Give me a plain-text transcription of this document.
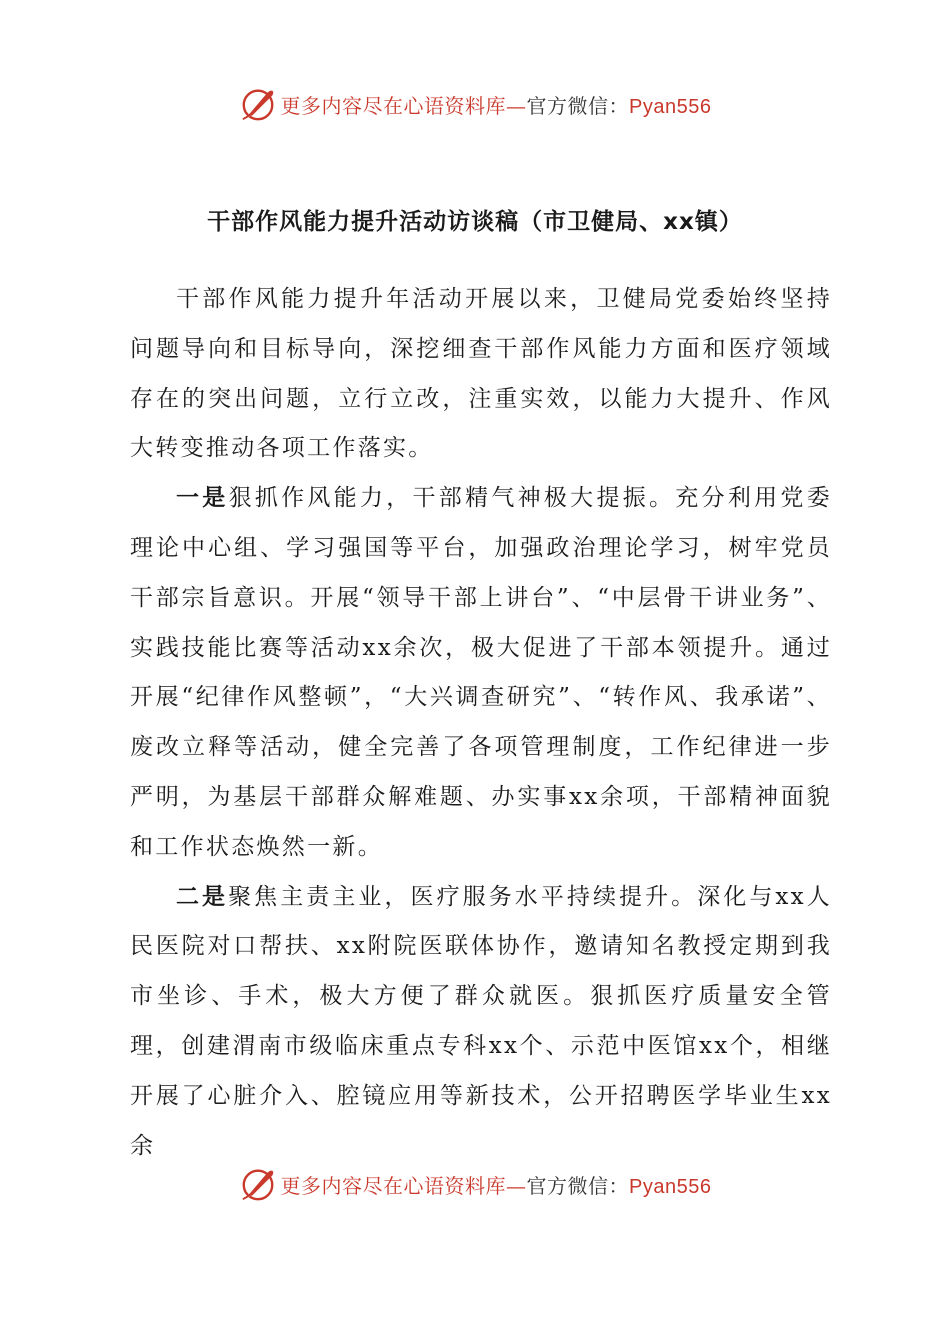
更多内容尽在心语资料库—官方微信：Pyan556
干部作风能力提升活动访谈稿（市卫健局、xx镇）

干部作风能力提升年活动开展以来，卫健局党委始终坚持问题导向和目标导向，深挖细查干部作风能力方面和医疗领域存在的突出问题，立行立改，注重实效，以能力大提升、作风大转变推动各项工作落实。

一是狠抓作风能力，干部精气神极大提振。充分利用党委理论中心组、学习强国等平台，加强政治理论学习，树牢党员干部宗旨意识。开展“领导干部上讲台”、“中层骨干讲业务”、实践技能比赛等活动xx余次，极大促进了干部本领提升。通过开展“纪律作风整顿”，“大兴调查研究”、“转作风、我承诺”、废改立释等活动，健全完善了各项管理制度，工作纪律进一步严明，为基层干部群众解难题、办实事xx余项，干部精神面貌和工作状态焕然一新。

二是聚焦主责主业，医疗服务水平持续提升。深化与xx人民医院对口帮扶、xx附院医联体协作，邀请知名教授定期到我市坐诊、手术，极大方便了群众就医。狠抓医疗质量安全管理，创建渭南市级临床重点专科xx个、示范中医馆xx个，相继开展了心脏介入、腔镜应用等新技术，公开招聘医学毕业生xx余

更多内容尽在心语资料库—官方微信：Pyan556
